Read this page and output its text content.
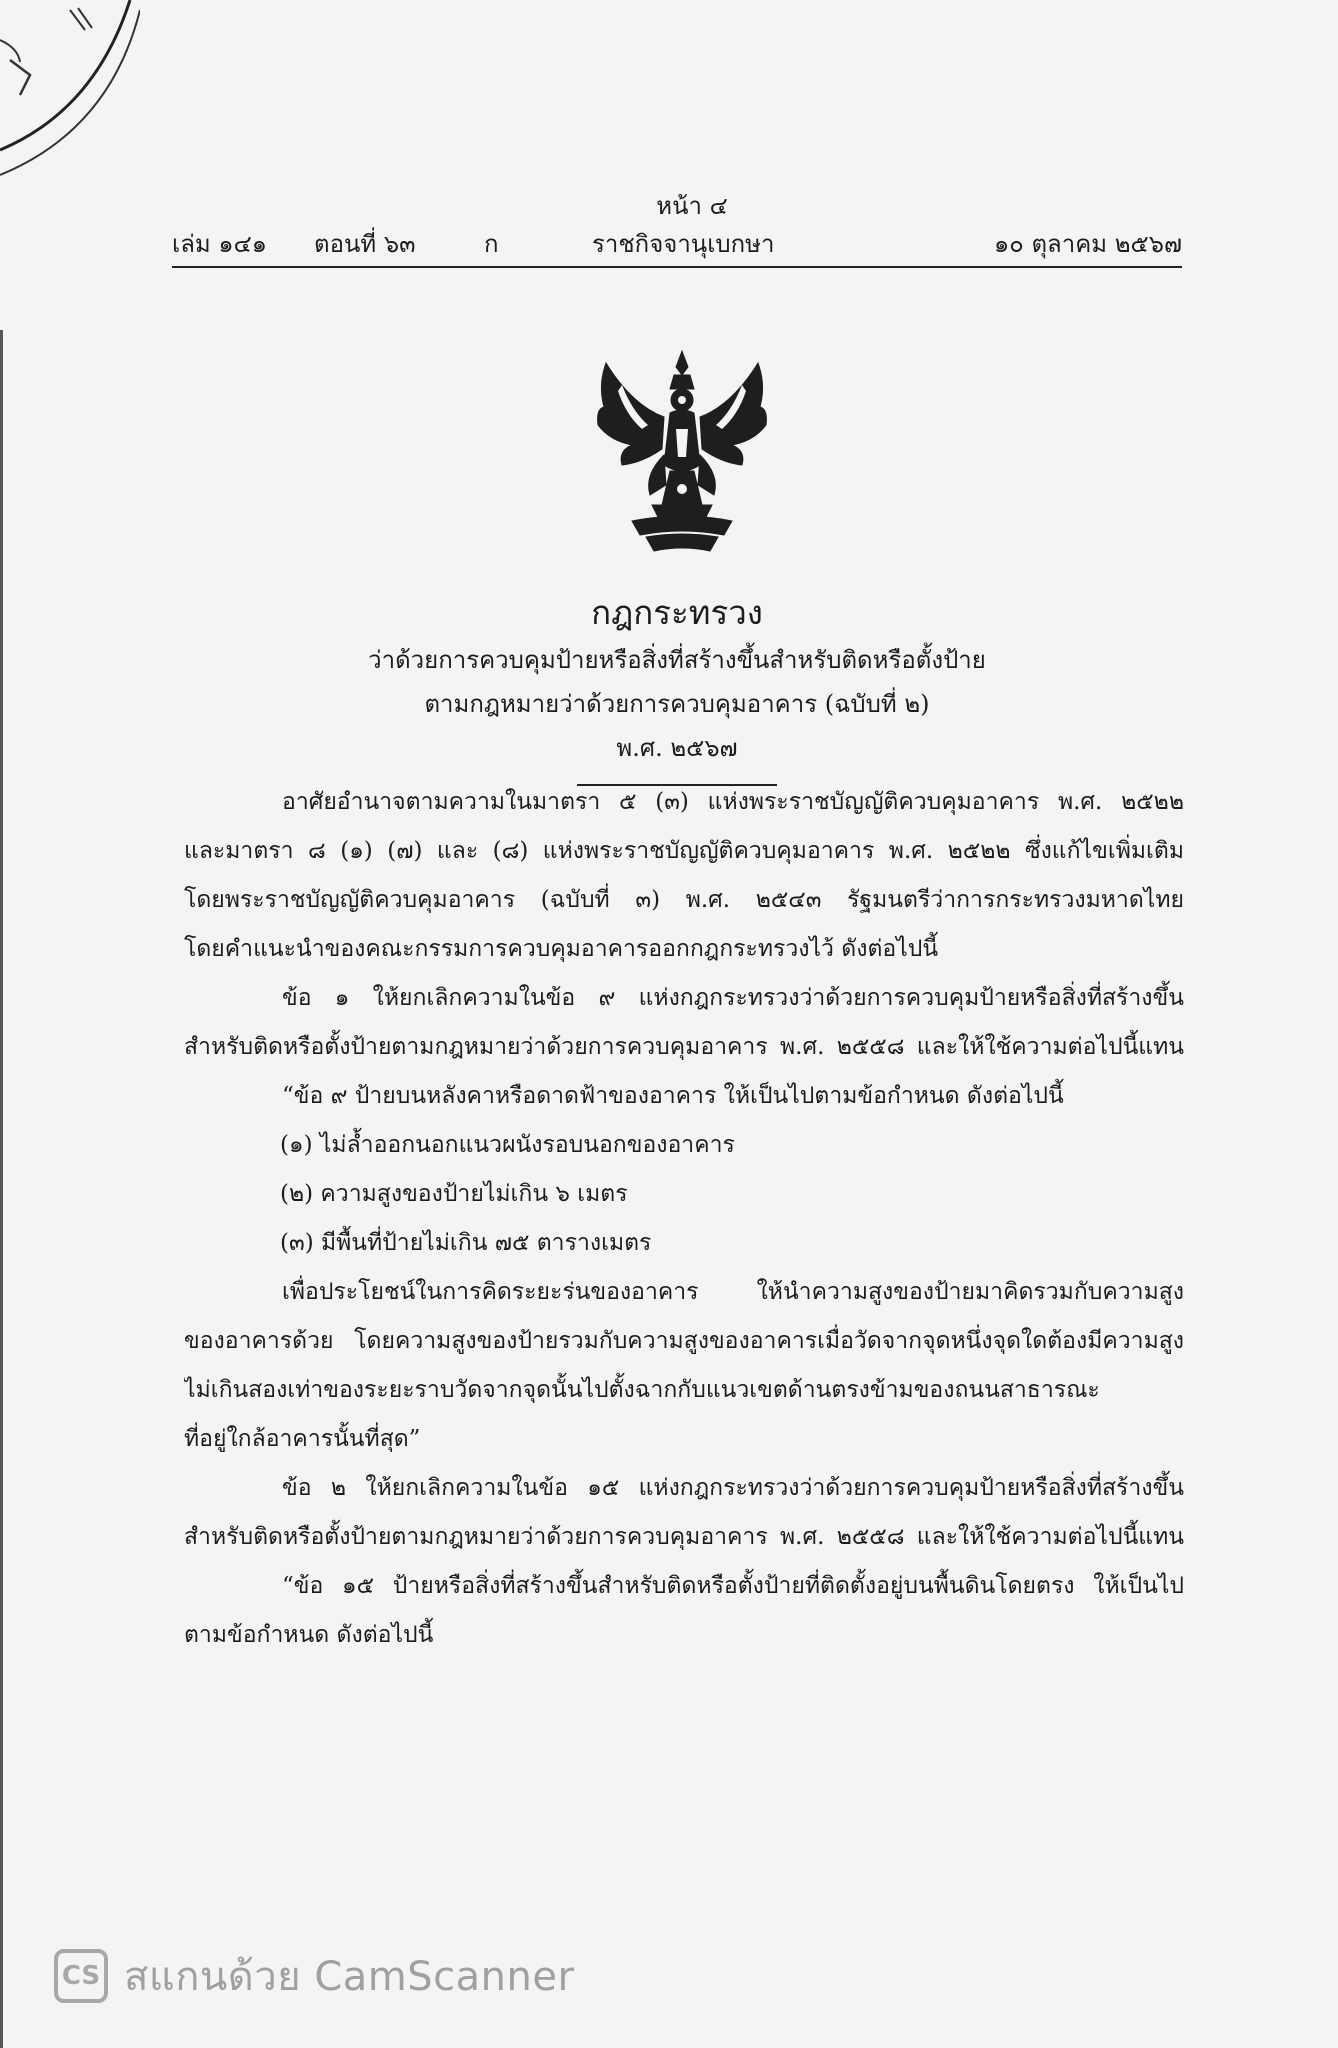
หน้า ๔
เล่ม ๑๔๑ ตอนที่ ๖๓	ก	ราชกิจจานุเบกษา	๑๐ ตุลาคม ๒๕๖๗
กฎกระทรวง
ว่าด้วยการควบคุมป้ายหรือสิ่งที่สร้างขึ้นสำหรับติดหรือตั้งป้าย
ตามกฎหมายว่าด้วยการควบคุมอาคาร (ฉบับที่ ๒)
พ.ศ. ๒๕๖๗
อาศัยอำนาจตามความในมาตรา ๕ (๓) แห่งพระราชบัญญัติควบคุมอาคาร พ.ศ. ๒๕๒๒
และมาตรา ๘ (๑) (๗) และ (๘) แห่งพระราชบัญญัติควบคุมอาคาร พ.ศ. ๒๕๒๒ ซึ่งแก้ไขเพิ่มเติม
โดยพระราชบัญญัติควบคุมอาคาร (ฉบับที่ ๓) พ.ศ. ๒๕๔๓ รัฐมนตรีว่าการกระทรวงมหาดไทย
โดยคำแนะนำของคณะกรรมการควบคุมอาคารออกกฎกระทรวงไว้ ดังต่อไปนี้
ข้อ ๑ ให้ยกเลิกความในข้อ ๙ แห่งกฎกระทรวงว่าด้วยการควบคุมป้ายหรือสิ่งที่สร้างขึ้น
สำหรับติดหรือตั้งป้ายตามกฎหมายว่าด้วยการควบคุมอาคาร พ.ศ. ๒๕๕๘ และให้ใช้ความต่อไปนี้แทน
“ข้อ ๙ ป้ายบนหลังคาหรือดาดฟ้าของอาคาร ให้เป็นไปตามข้อกำหนด ดังต่อไปนี้
(๑) ไม่ล้ำออกนอกแนวผนังรอบนอกของอาคาร
(๒) ความสูงของป้ายไม่เกิน ๖ เมตร
(๓) มีพื้นที่ป้ายไม่เกิน ๗๕ ตารางเมตร
เพื่อประโยชน์ในการคิดระยะร่นของอาคาร ให้นำความสูงของป้ายมาคิดรวมกับความสูง
ของอาคารด้วย โดยความสูงของป้ายรวมกับความสูงของอาคารเมื่อวัดจากจุดหนึ่งจุดใดต้องมีความสูง
ไม่เกินสองเท่าของระยะราบวัดจากจุดนั้นไปตั้งฉากกับแนวเขตด้านตรงข้ามของถนนสาธารณะ
ที่อยู่ใกล้อาคารนั้นที่สุด”
ข้อ ๒ ให้ยกเลิกความในข้อ ๑๕ แห่งกฎกระทรวงว่าด้วยการควบคุมป้ายหรือสิ่งที่สร้างขึ้น
สำหรับติดหรือตั้งป้ายตามกฎหมายว่าด้วยการควบคุมอาคาร พ.ศ. ๒๕๕๘ และให้ใช้ความต่อไปนี้แทน
“ข้อ ๑๕ ป้ายหรือสิ่งที่สร้างขึ้นสำหรับติดหรือตั้งป้ายที่ติดตั้งอยู่บนพื้นดินโดยตรง ให้เป็นไป
ตามข้อกำหนด ดังต่อไปนี้
CS สแกนด้วย CamScanner
